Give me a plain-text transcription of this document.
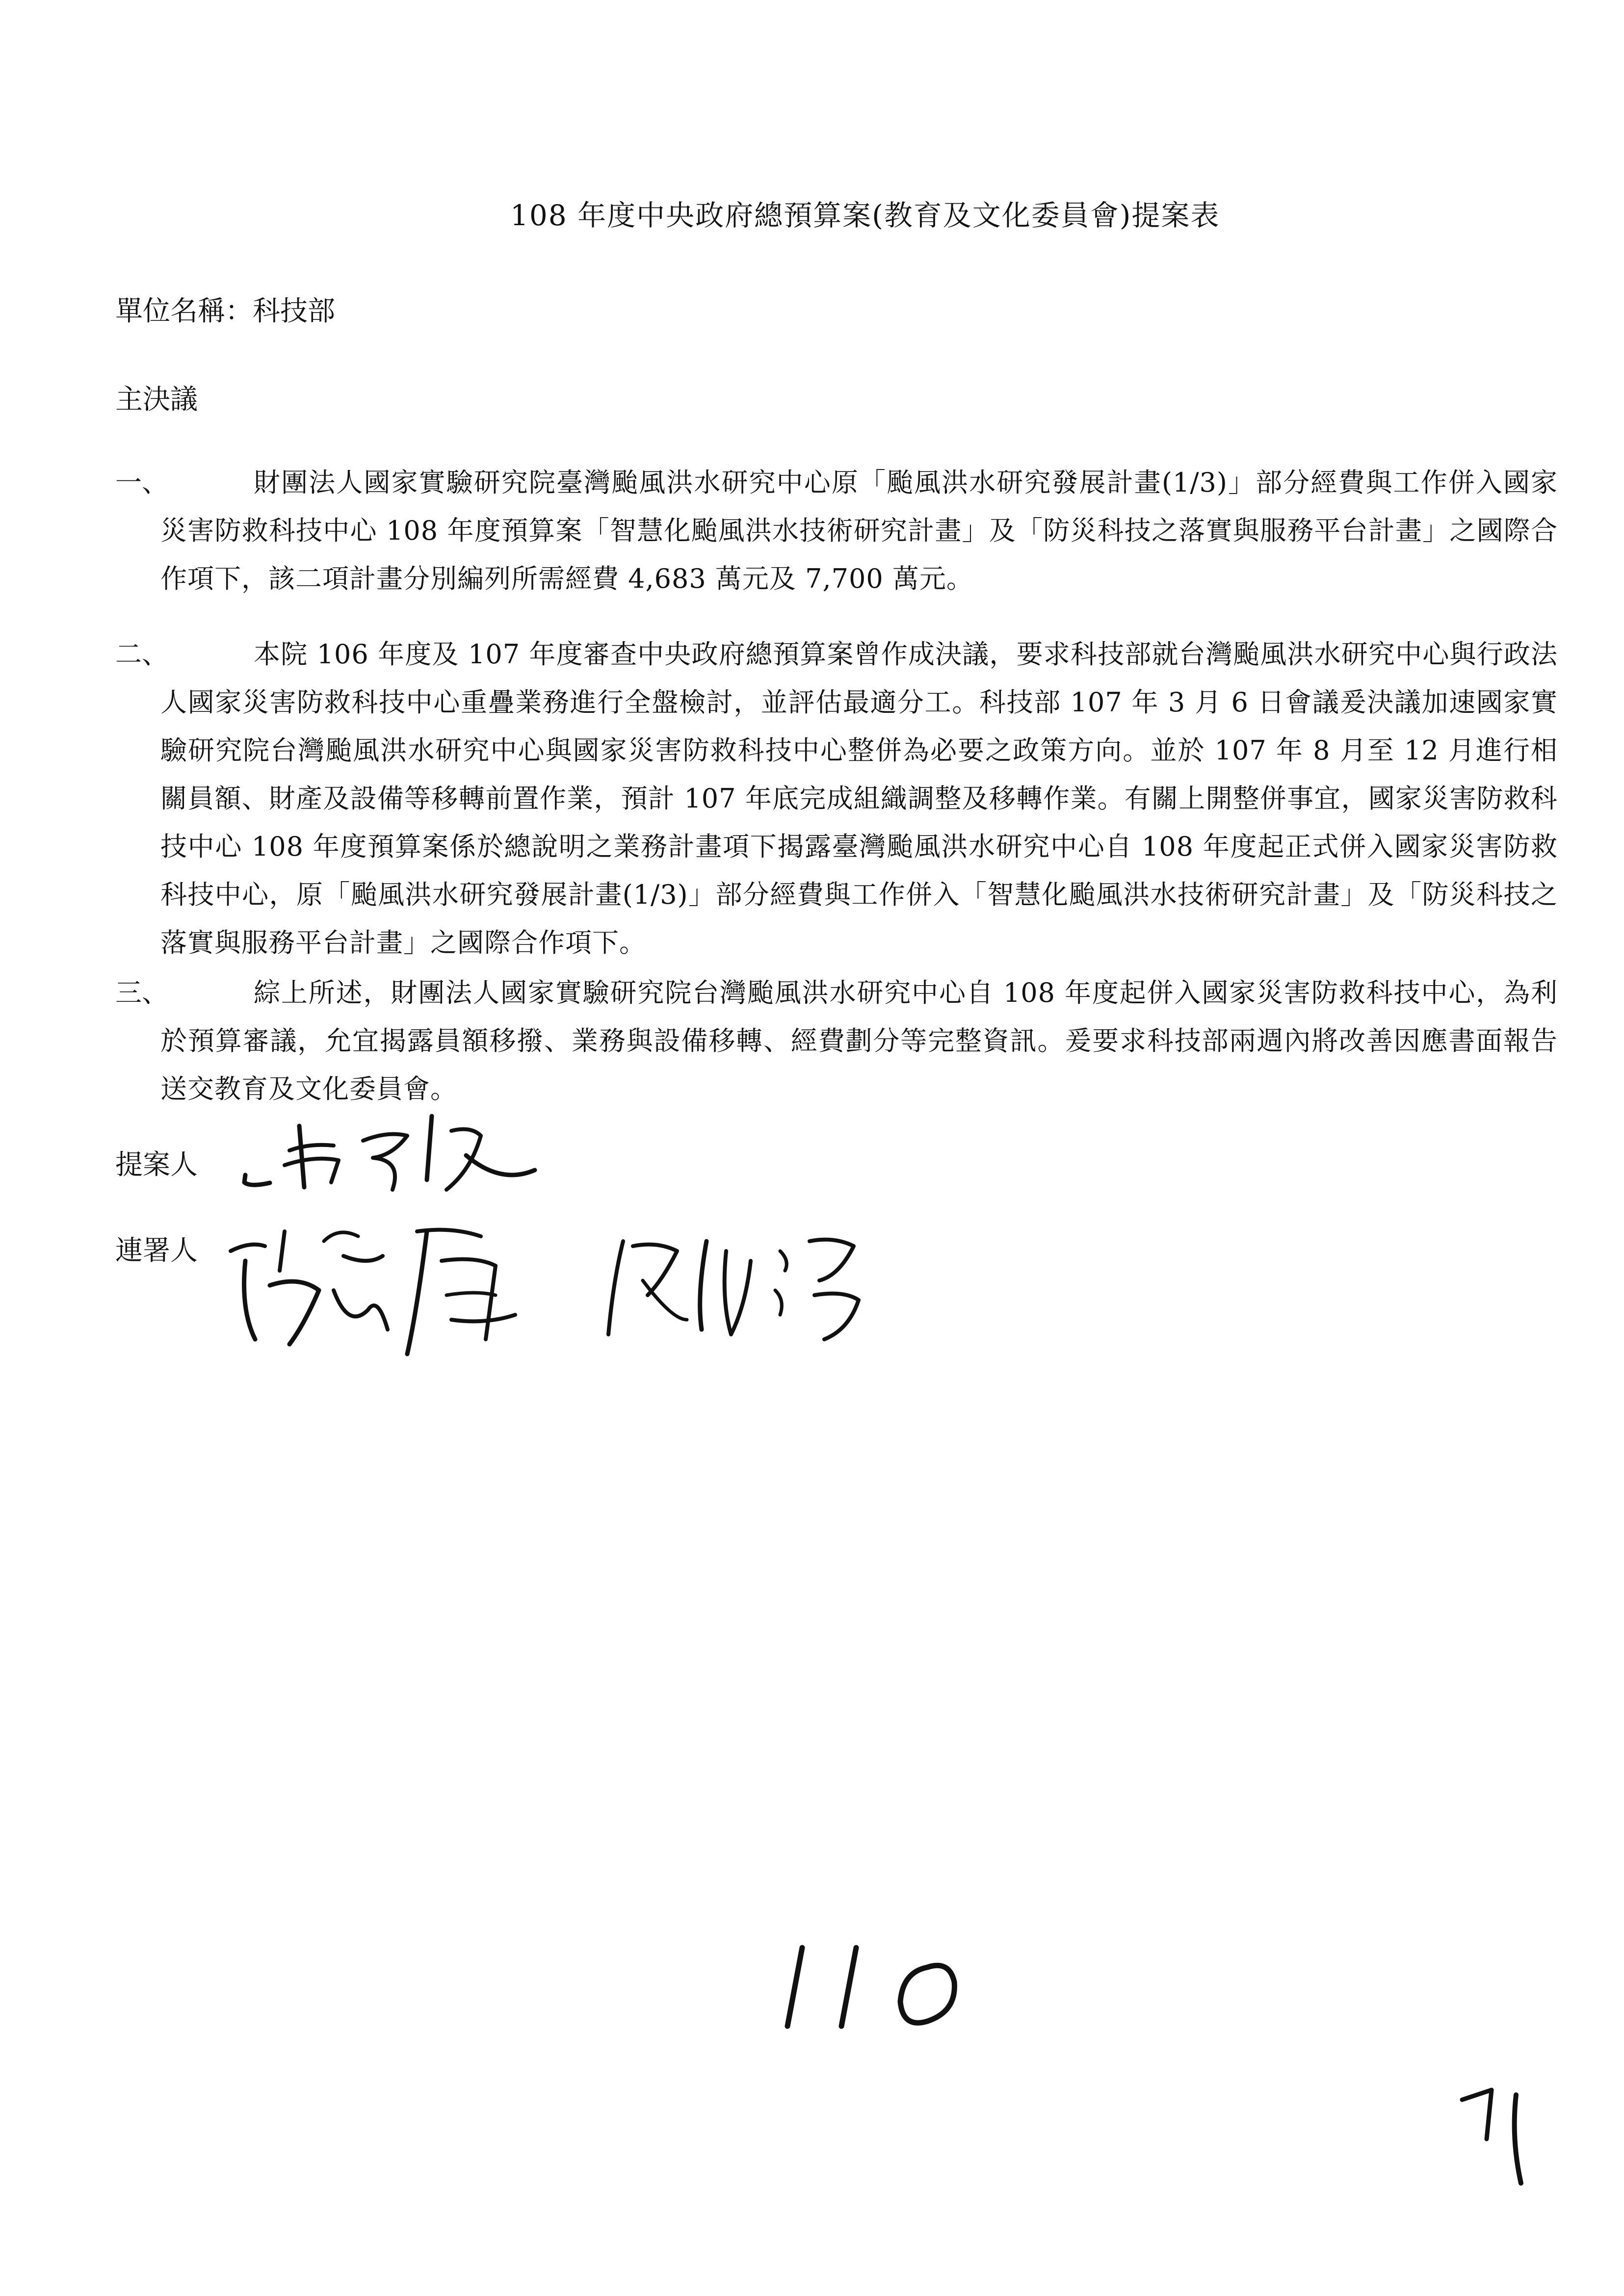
108 年度中央政府總預算案(教育及文化委員會)提案表
單位名稱：科技部
主決議
一、	財團法人國家實驗研究院臺灣颱風洪水研究中心原「颱風洪水研究發展計畫(1/3)」部分經費與工作併入國家災害防救科技中心 108 年度預算案「智慧化颱風洪水技術研究計畫」及「防災科技之落實與服務平台計畫」之國際合作項下，該二項計畫分別編列所需經費 4,683 萬元及 7,700 萬元。
二、	本院 106 年度及 107 年度審查中央政府總預算案曾作成決議，要求科技部就台灣颱風洪水研究中心與行政法人國家災害防救科技中心重疊業務進行全盤檢討，並評估最適分工。科技部 107 年 3 月 6 日會議爰決議加速國家實驗研究院台灣颱風洪水研究中心與國家災害防救科技中心整併為必要之政策方向。並於 107 年 8 月至 12 月進行相關員額、財產及設備等移轉前置作業，預計 107 年底完成組織調整及移轉作業。有關上開整併事宜，國家災害防救科技中心 108 年度預算案係於總說明之業務計畫項下揭露臺灣颱風洪水研究中心自 108 年度起正式併入國家災害防救科技中心，原「颱風洪水研究發展計畫(1/3)」部分經費與工作併入「智慧化颱風洪水技術研究計畫」及「防災科技之落實與服務平台計畫」之國際合作項下。
三、	綜上所述，財團法人國家實驗研究院台灣颱風洪水研究中心自 108 年度起併入國家災害防救科技中心，為利於預算審議，允宜揭露員額移撥、業務與設備移轉、經費劃分等完整資訊。爰要求科技部兩週內將改善因應書面報告送交教育及文化委員會。
提案人
連署人
